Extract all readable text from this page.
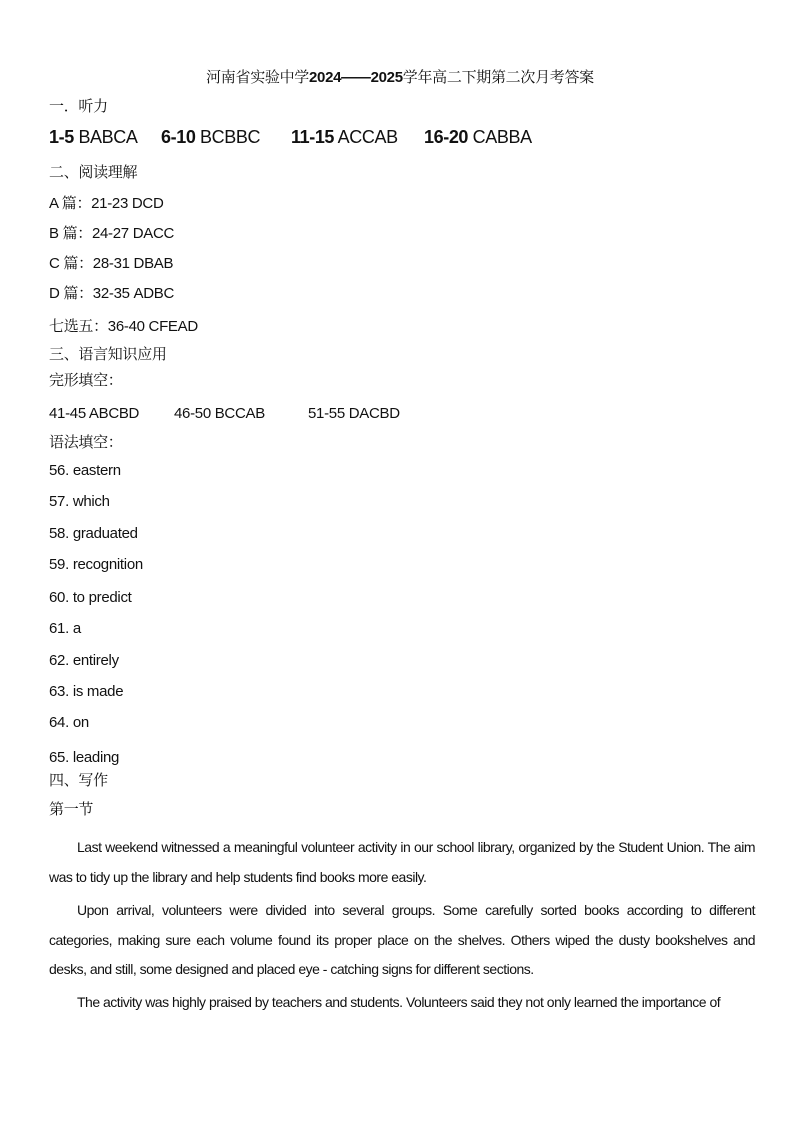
河南省实验中学2024——2025学年高二下期第二次月考答案
一．听力
1-5 BABCA 6-10 BCBBC 11-15 ACCAB 16-20 CABBA
二、阅读理解
A 篇：21-23 DCD
B 篇：24-27 DACC
C 篇：28-31 DBAB
D 篇：32-35 ADBC
七选五：36-40 CFEAD
三、语言知识应用
完形填空：
41-45 ABCBD 46-50 BCCAB	51-55 DACBD
语法填空：
56. eastern
57. which
58. graduated
59. recognition
60. to predict
61. a
62. entirely
63. is made
64. on
65. leading
四、写作
第一节

Last weekend witnessed a meaningful volunteer activity in our school library, organized by the Student Union. The aim was to tidy up the library and help students find books more easily.

Upon arrival, volunteers were divided into several groups. Some carefully sorted books according to different categories, making sure each volume found its proper place on the shelves. Others wiped the dusty bookshelves and desks, and still, some designed and placed eye - catching signs for different sections.

The activity was highly praised by teachers and students. Volunteers said they not only learned the importance of
